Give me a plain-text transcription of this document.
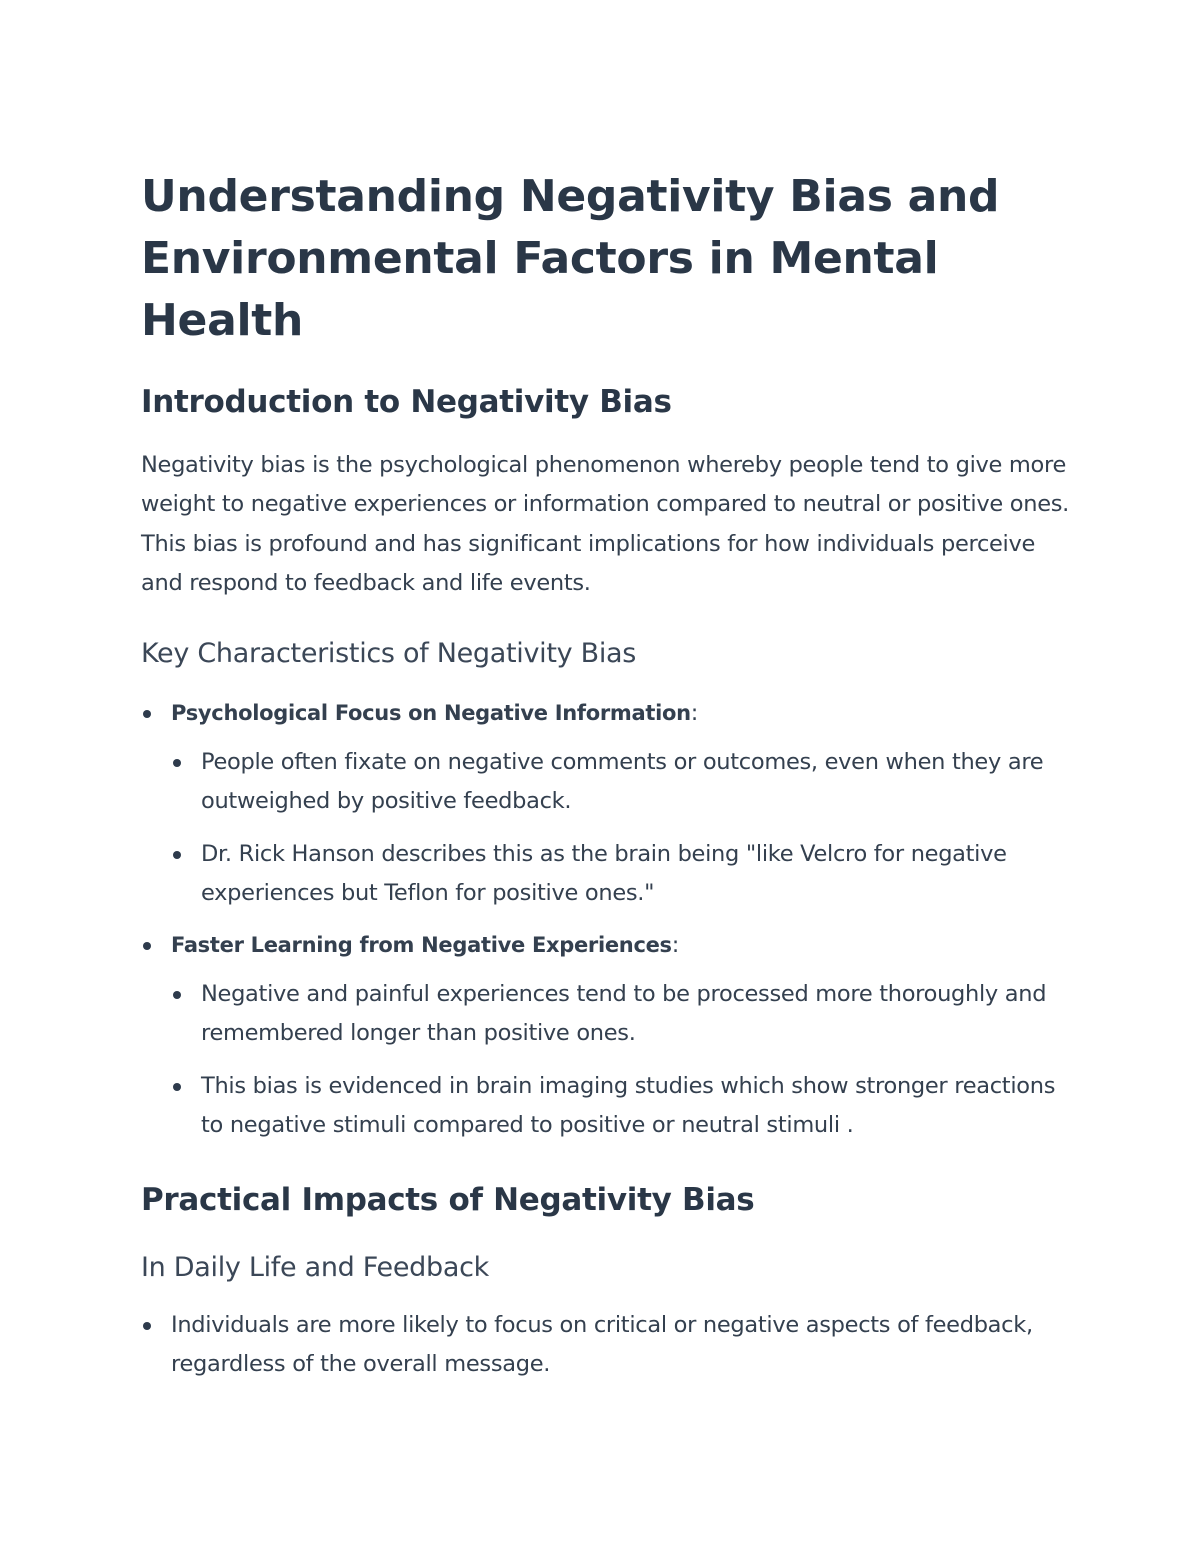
Understanding Negativity Bias and Environmental Factors in Mental Health
Introduction to Negativity Bias

Negativity bias is the psychological phenomenon whereby people tend to give more weight to negative experiences or information compared to neutral or positive ones. This bias is profound and has significant implications for how individuals perceive and respond to feedback and life events.

Key Characteristics of Negativity Bias
Psychological Focus on Negative Information:
People often fixate on negative comments or outcomes, even when they are outweighed by positive feedback.
Dr. Rick Hanson describes this as the brain being "like Velcro for negative experiences but Teflon for positive ones."
Faster Learning from Negative Experiences:
Negative and painful experiences tend to be processed more thoroughly and remembered longer than positive ones.
This bias is evidenced in brain imaging studies which show stronger reactions to negative stimuli compared to positive or neutral stimuli .
Practical Impacts of Negativity Bias
In Daily Life and Feedback
Individuals are more likely to focus on critical or negative aspects of feedback, regardless of the overall message.
